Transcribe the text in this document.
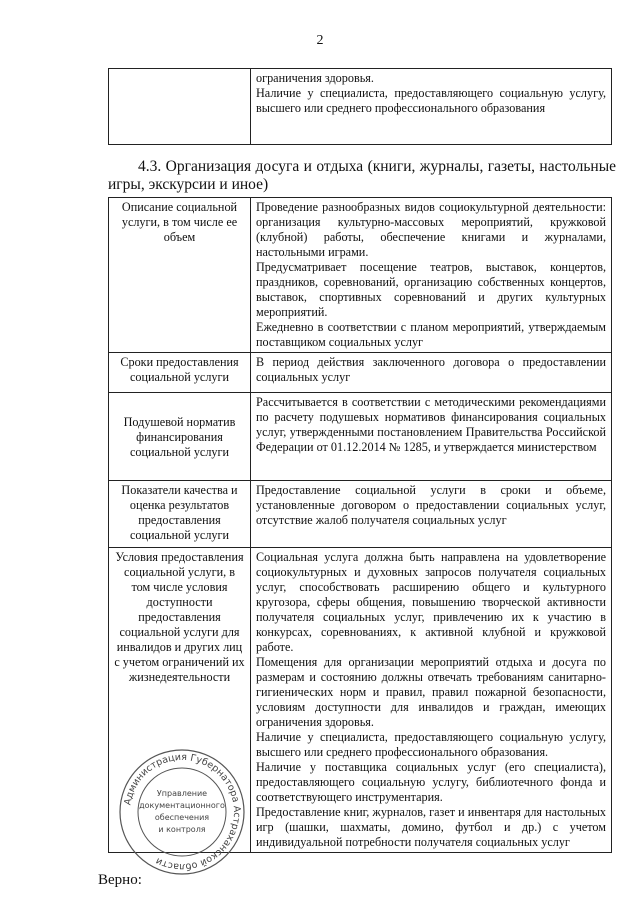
2

ограничения здоровья.
Наличие у специалиста, предоставляющего социальную услугу, высшего или среднего профессионального образования
4.3. Организация досуга и отдыха (книги, журналы, газеты, настольные
игры, экскурсии и иное)
Описание социальной услуги, в том числе ее объем	Проведение разнообразных видов социокультурной деятельности: организация культурно-массовых мероприятий, кружковой (клубной) работы, обеспечение книгами и журналами, настольными играми.
Предусматривает посещение театров, выставок, концертов, праздников, соревнований, организацию собственных концертов, выставок, спортивных соревнований и других культурных мероприятий.
Ежедневно в соответствии с планом мероприятий, утверждаемым поставщиком социальных услуг

Сроки предоставления социальной услуги	В период действия заключенного договора о предоставлении социальных услуг

Подушевой норматив финансирования социальной услуги	Рассчитывается в соответствии с методическими рекомендациями по расчету подушевых нормативов финансирования социальных услуг, утвержденными постановлением Правительства Российской Федерации от 01.12.2014 № 1285, и утверждается министерством

Показатели качества и оценка результатов предоставления социальной услуги	Предоставление социальной услуги в сроки и объеме, установленные договором о предоставлении социальных услуг, отсутствие жалоб получателя социальных услуг

Условия предоставления социальной услуги, в том числе условия доступности предоставления социальной услуги для инвалидов и других лиц с учетом ограничений их жизнедеятельности	Социальная услуга должна быть направлена на удовлетворение социокультурных и духовных запросов получателя социальных услуг, способствовать расширению общего и культурного кругозора, сферы общения, повышению творческой активности получателя социальных услуг, привлечению их к участию в конкурсах, соревнованиях, к активной клубной и кружковой работе.
Помещения для организации мероприятий отдыха и досуга по размерам и состоянию должны отвечать требованиям санитарно-гигиенических норм и правил, правил пожарной безопасности, условиям доступности для инвалидов и граждан, имеющих ограничения здоровья.
Наличие у специалиста, предоставляющего социальную услугу, высшего или среднего профессионального образования.
Наличие у поставщика социальных услуг (его специалиста), предоставляющего социальную услугу, библиотечного фонда и соответствующего инструментария.
Предоставление книг, журналов, газет и инвентаря для настольных игр (шашки, шахматы, домино, футбол и др.) с учетом индивидуальной потребности получателя социальных услуг
Администрация Губернатора Астраханской области
Управление
документационного
обеспечения
и контроля
Верно:
